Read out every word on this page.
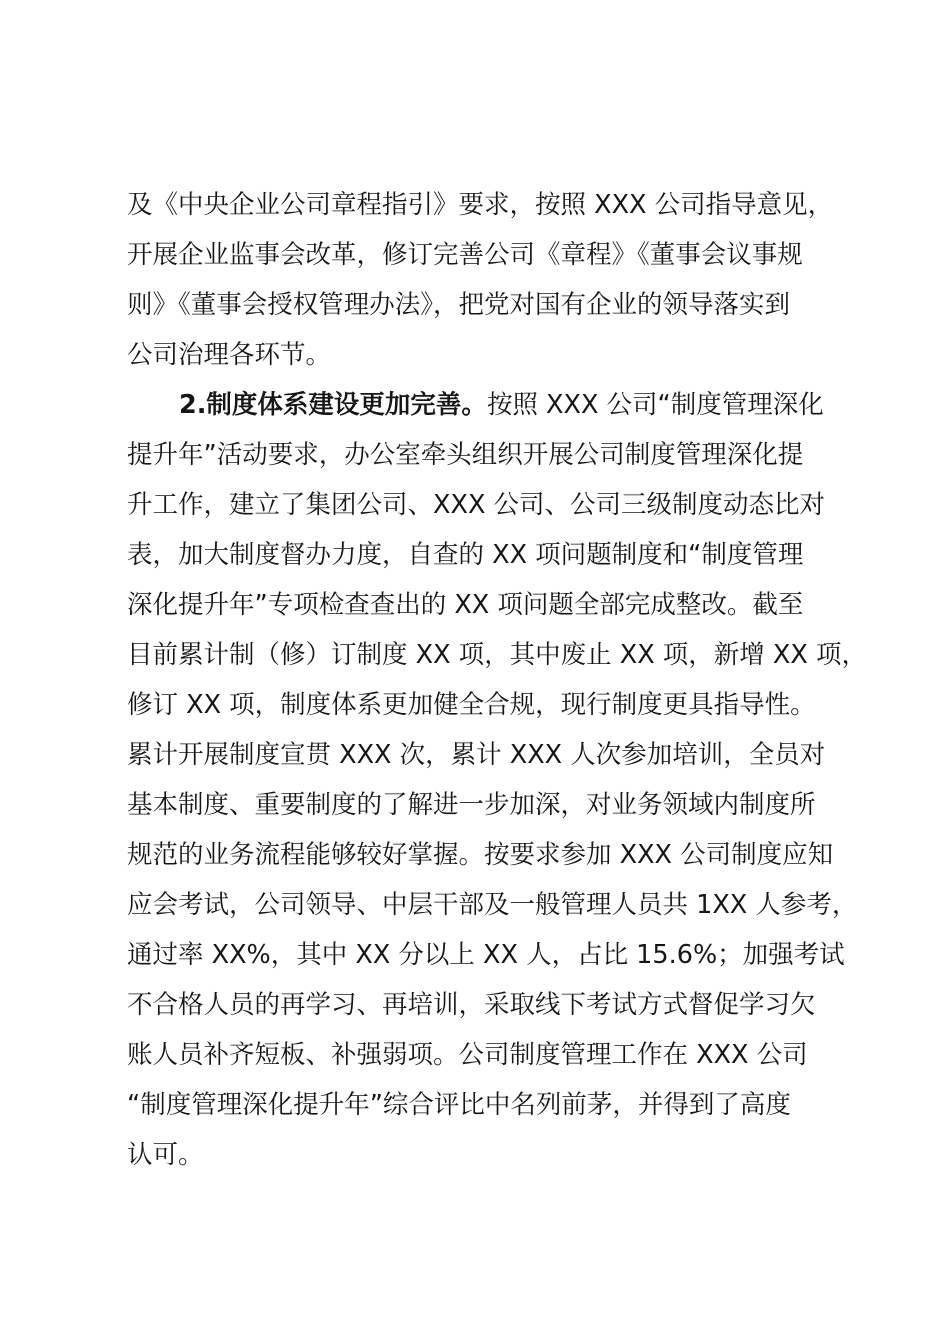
及《中央企业公司章程指引》要求，按照 XXX 公司指导意见，
开展企业监事会改革，修订完善公司《章程》《董事会议事规
则》《董事会授权管理办法》，把党对国有企业的领导落实到
公司治理各环节。
2.制度体系建设更加完善。按照 XXX 公司“制度管理深化
提升年”活动要求，办公室牵头组织开展公司制度管理深化提
升工作，建立了集团公司、XXX 公司、公司三级制度动态比对
表，加大制度督办力度，自查的 XX 项问题制度和“制度管理
深化提升年”专项检查查出的 XX 项问题全部完成整改。截至
目前累计制（修）订制度 XX 项，其中废止 XX 项，新增 XX 项，
修订 XX 项，制度体系更加健全合规，现行制度更具指导性。
累计开展制度宣贯 XXX 次，累计 XXX 人次参加培训，全员对
基本制度、重要制度的了解进一步加深，对业务领域内制度所
规范的业务流程能够较好掌握。按要求参加 XXX 公司制度应知
应会考试，公司领导、中层干部及一般管理人员共 1XX 人参考，
通过率 XX%，其中 XX 分以上 XX 人，占比 15.6%；加强考试
不合格人员的再学习、再培训，采取线下考试方式督促学习欠
账人员补齐短板、补强弱项。公司制度管理工作在 XXX 公司
“制度管理深化提升年”综合评比中名列前茅，并得到了高度
认可。
